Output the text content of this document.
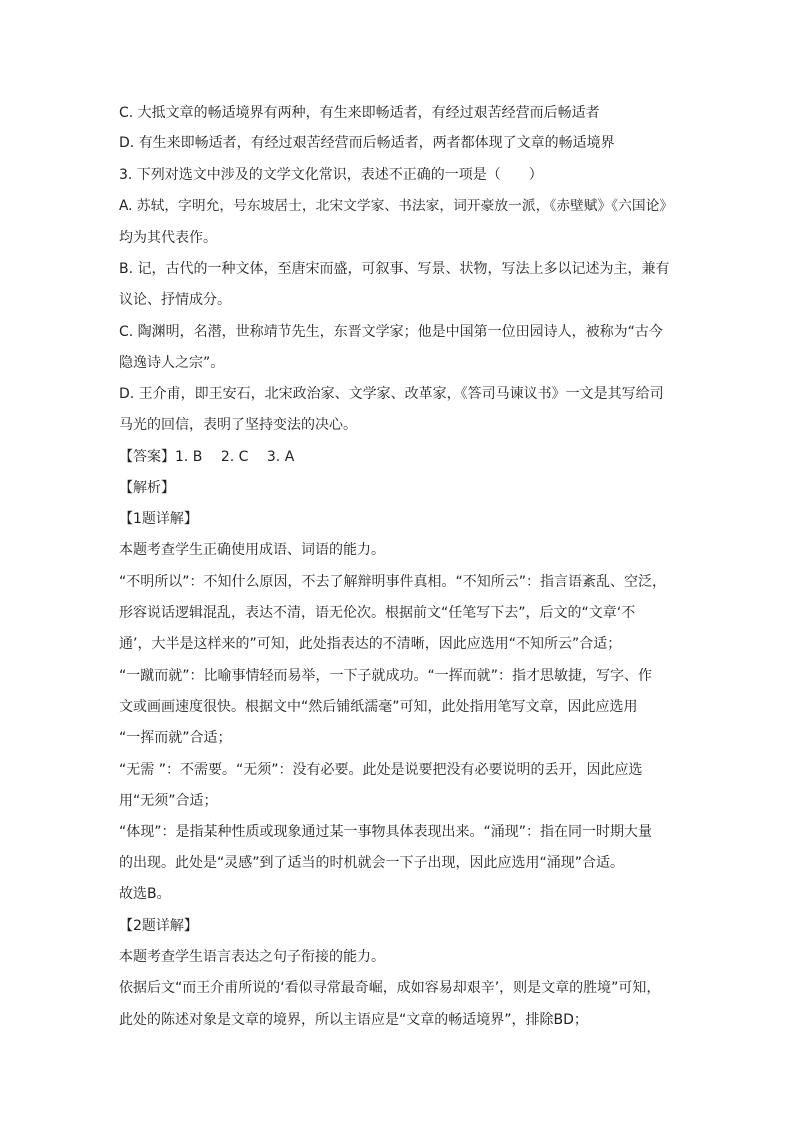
C. 大抵文章的畅适境界有两种，有生来即畅适者，有经过艰苦经营而后畅适者
D. 有生来即畅适者，有经过艰苦经营而后畅适者，两者都体现了文章的畅适境界
3. 下列对选文中涉及的文学文化常识，表述不正确的一项是（　　）
A. 苏轼，字明允，号东坡居士，北宋文学家、书法家，词开豪放一派，《赤壁赋》《六国论》
均为其代表作。
B. 记，古代的一种文体，至唐宋而盛，可叙事、写景、状物，写法上多以记述为主，兼有
议论、抒情成分。
C. 陶渊明，名潜，世称靖节先生，东晋文学家；他是中国第一位田园诗人，被称为“古今
隐逸诗人之宗”。
D. 王介甫，即王安石，北宋政治家、文学家、改革家，《答司马谏议书》一文是其写给司
马光的回信，表明了坚持变法的决心。
【答案】1. B　 2. C　 3. A
【解析】
【1题详解】
本题考查学生正确使用成语、词语的能力。
“不明所以”：不知什么原因，不去了解辩明事件真相。“不知所云”：指言语紊乱、空泛，
形容说话逻辑混乱，表达不清，语无伦次。根据前文“任笔写下去”，后文的“文章‘不
通’，大半是这样来的”可知，此处指表达的不清晰，因此应选用“不知所云”合适；
“一蹴而就”：比喻事情轻而易举，一下子就成功。“一挥而就”：指才思敏捷，写字、作
文或画画速度很快。根据文中“然后铺纸濡毫”可知，此处指用笔写文章，因此应选用
“一挥而就”合适；
“无需 ”：不需要。“无须”：没有必要。此处是说要把没有必要说明的丢开，因此应选
用“无须”合适；
“体现”：是指某种性质或现象通过某一事物具体表现出来。“涌现”：指在同一时期大量
的出现。此处是“灵感”到了适当的时机就会一下子出现，因此应选用“涌现”合适。
故选B。
【2题详解】
本题考查学生语言表达之句子衔接的能力。
依据后文“而王介甫所说的‘看似寻常最奇崛，成如容易却艰辛’，则是文章的胜境”可知，
此处的陈述对象是文章的境界，所以主语应是“文章的畅适境界”，排除BD；
